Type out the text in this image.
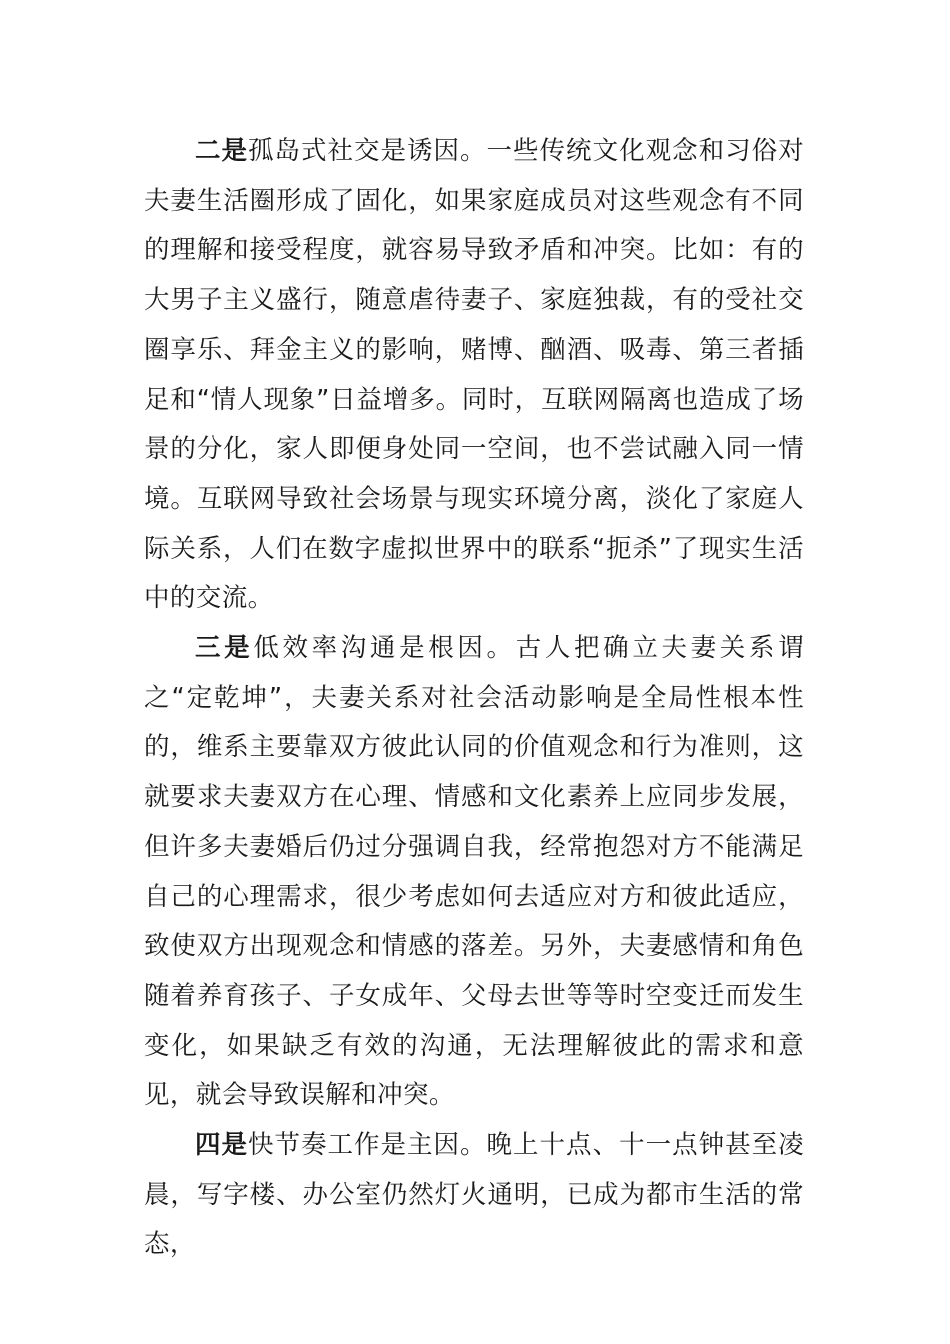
二是孤岛式社交是诱因。一些传统文化观念和习俗对夫妻生活圈形成了固化，如果家庭成员对这些观念有不同的理解和接受程度，就容易导致矛盾和冲突。比如：有的大男子主义盛行，随意虐待妻子、家庭独裁，有的受社交圈享乐、拜金主义的影响，赌博、酗酒、吸毒、第三者插足和“情人现象”日益增多。同时，互联网隔离也造成了场景的分化，家人即便身处同一空间，也不尝试融入同一情境。互联网导致社会场景与现实环境分离，淡化了家庭人际关系，人们在数字虚拟世界中的联系“扼杀”了现实生活中的交流。

三是低效率沟通是根因。古人把确立夫妻关系谓之“定乾坤”，夫妻关系对社会活动影响是全局性根本性的，维系主要靠双方彼此认同的价值观念和行为准则，这就要求夫妻双方在心理、情感和文化素养上应同步发展，但许多夫妻婚后仍过分强调自我，经常抱怨对方不能满足自己的心理需求，很少考虑如何去适应对方和彼此适应，致使双方出现观念和情感的落差。另外，夫妻感情和角色随着养育孩子、子女成年、父母去世等等时空变迁而发生变化，如果缺乏有效的沟通，无法理解彼此的需求和意见，就会导致误解和冲突。

四是快节奏工作是主因。晚上十点、十一点钟甚至凌晨，写字楼、办公室仍然灯火通明，已成为都市生活的常态，
